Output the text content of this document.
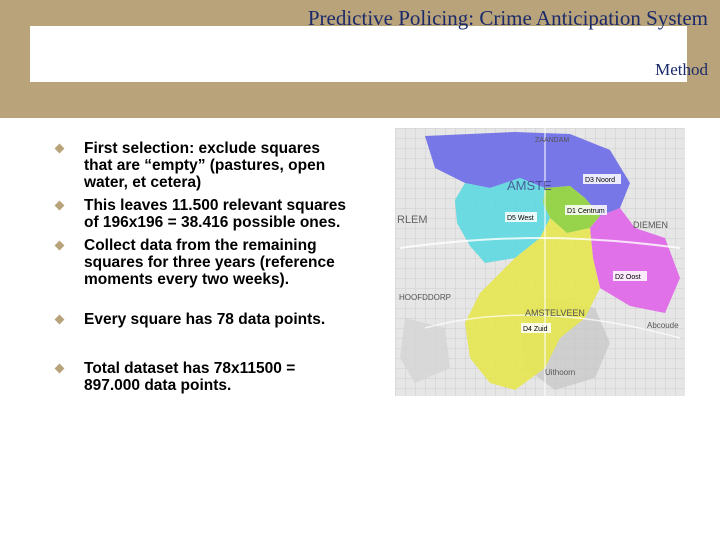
Predictive Policing: Crime Anticipation System
Method
First selection: exclude squares that are “empty” (pastures, open water, et cetera)
This leaves 11.500 relevant squares of 196x196 = 38.416 possible ones.
Collect data from the remaining squares for three years (reference moments every two weeks).
Every square has 78 data points.
Total dataset has 78x11500 = 897.000 data points.
AMSTE
RLEM	DIEMEN
AMSTELVEEN
Abcoude
Uithoorn
ZAANDAM
HOOFDDORP
D3 Noord
D1 Centrum
D5 West
D2 Oost
D4 Zuid
